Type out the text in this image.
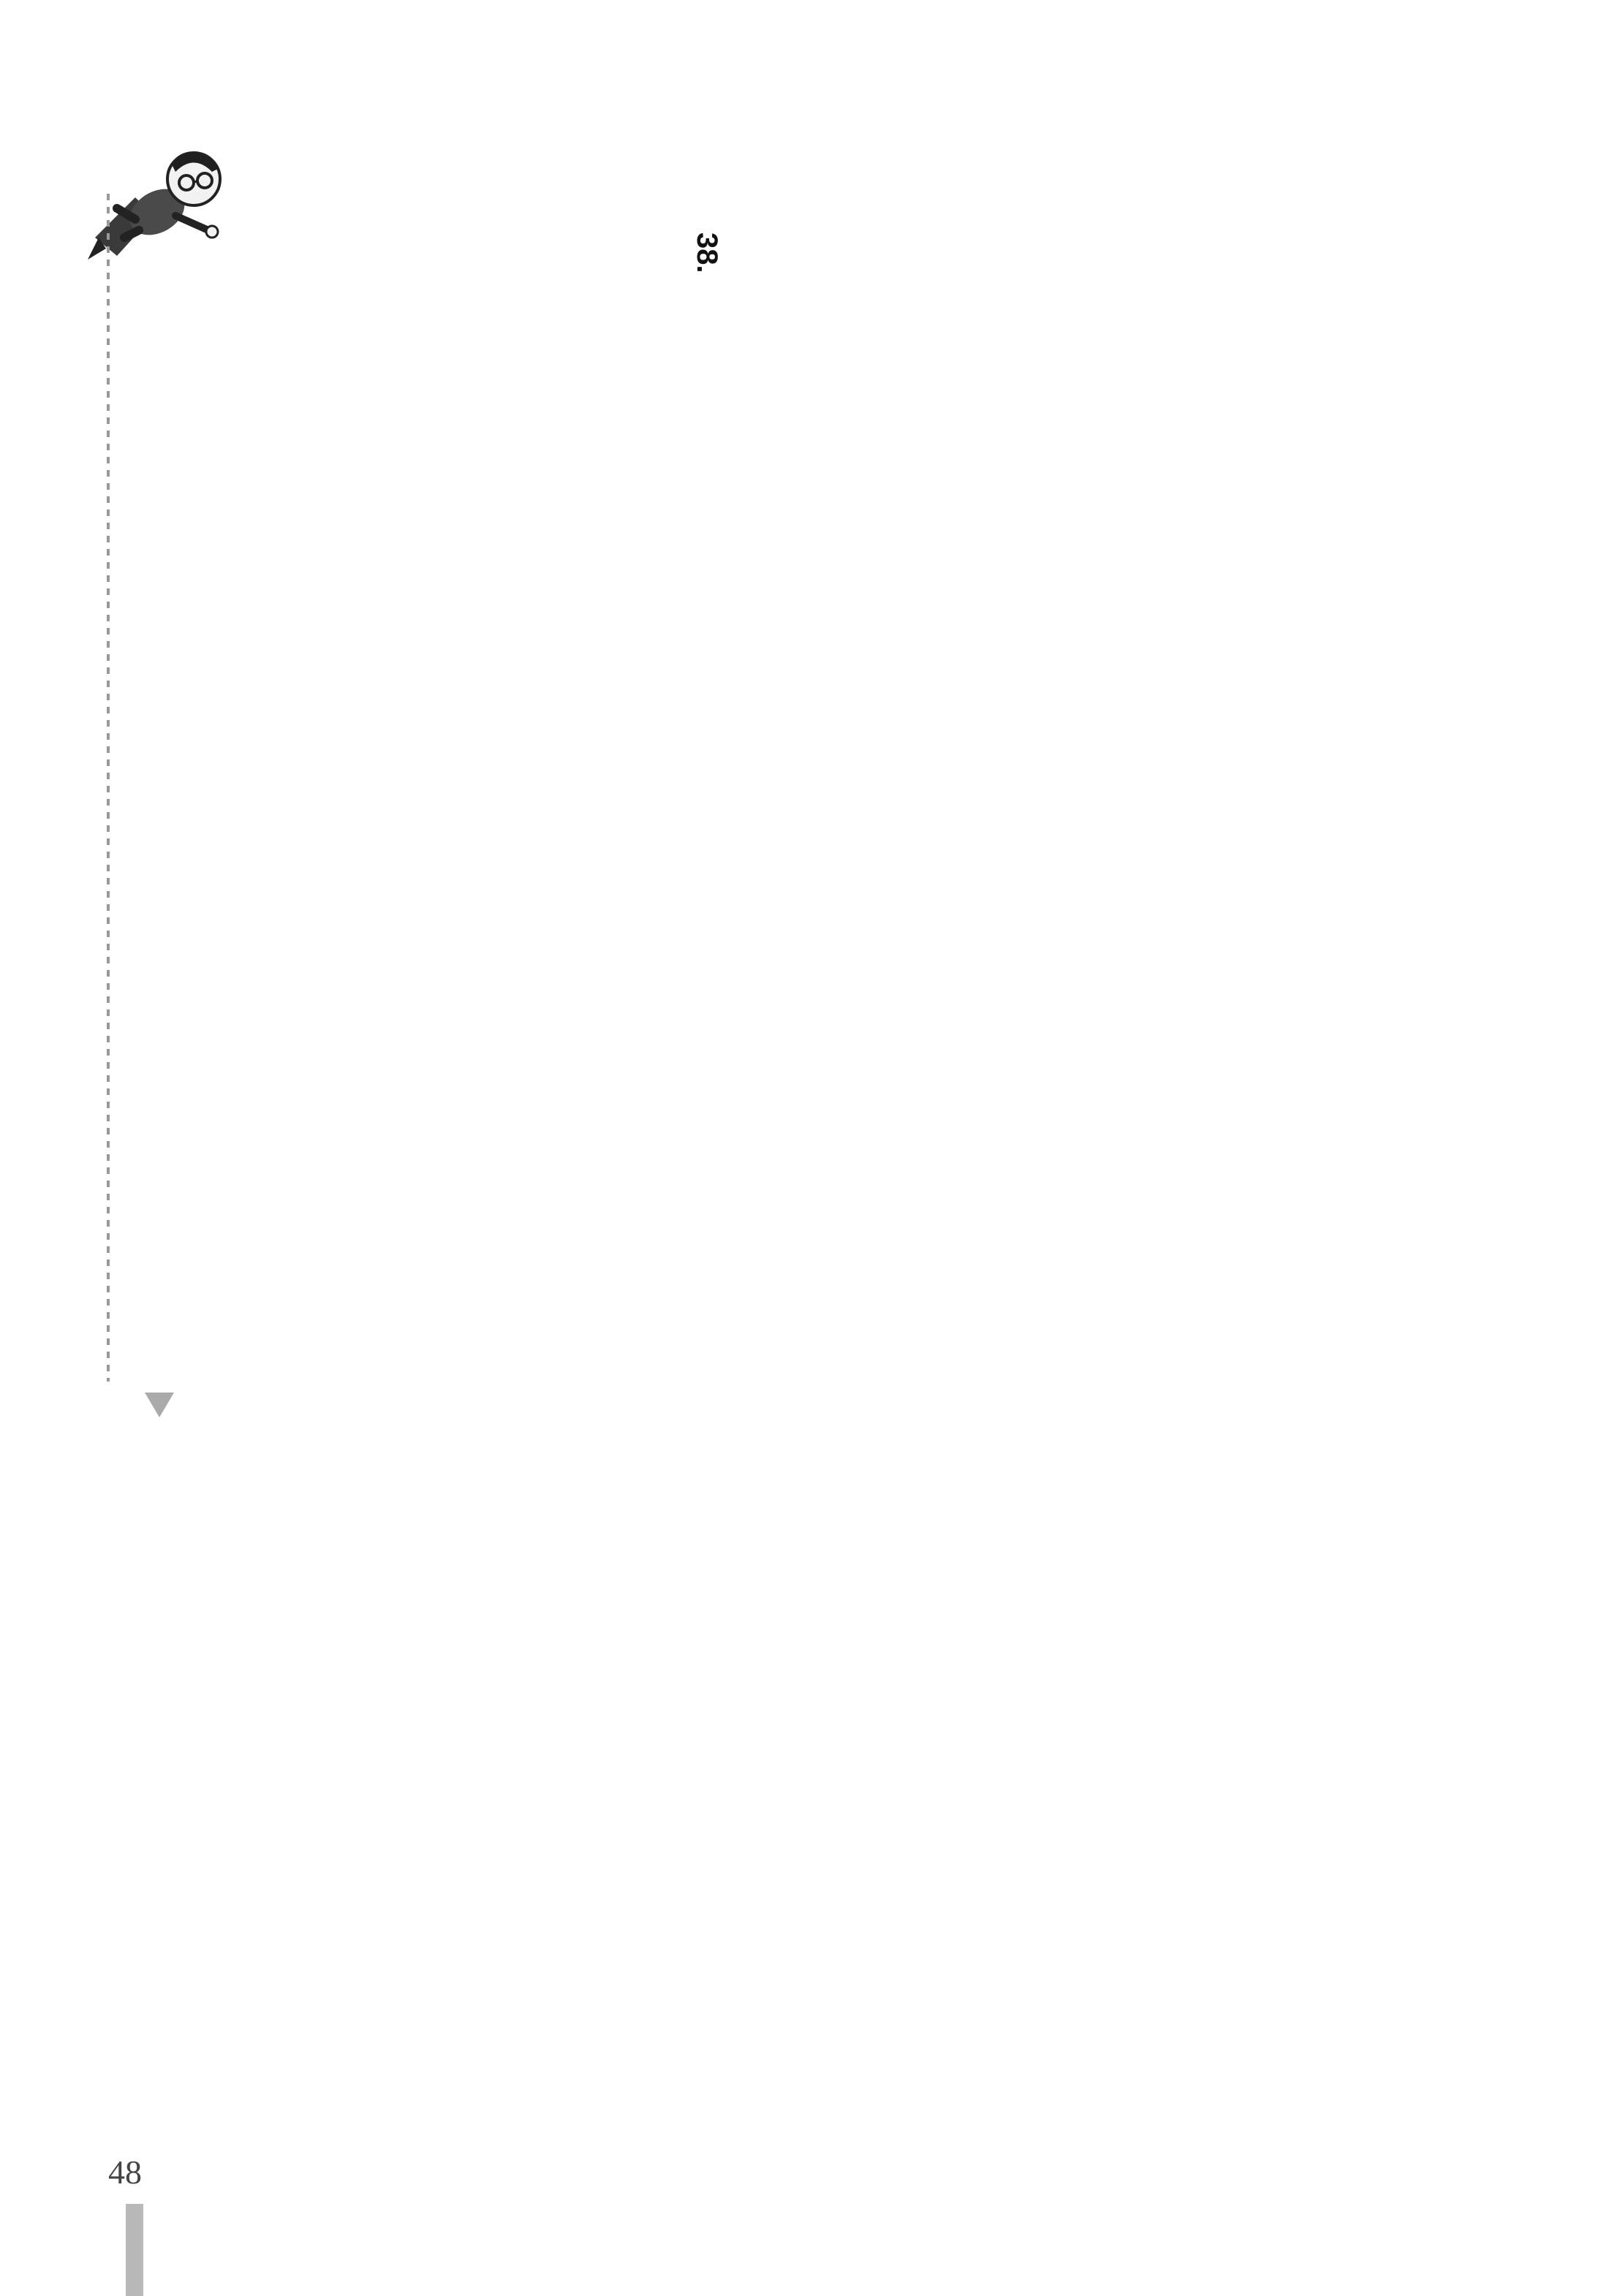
38.
48
